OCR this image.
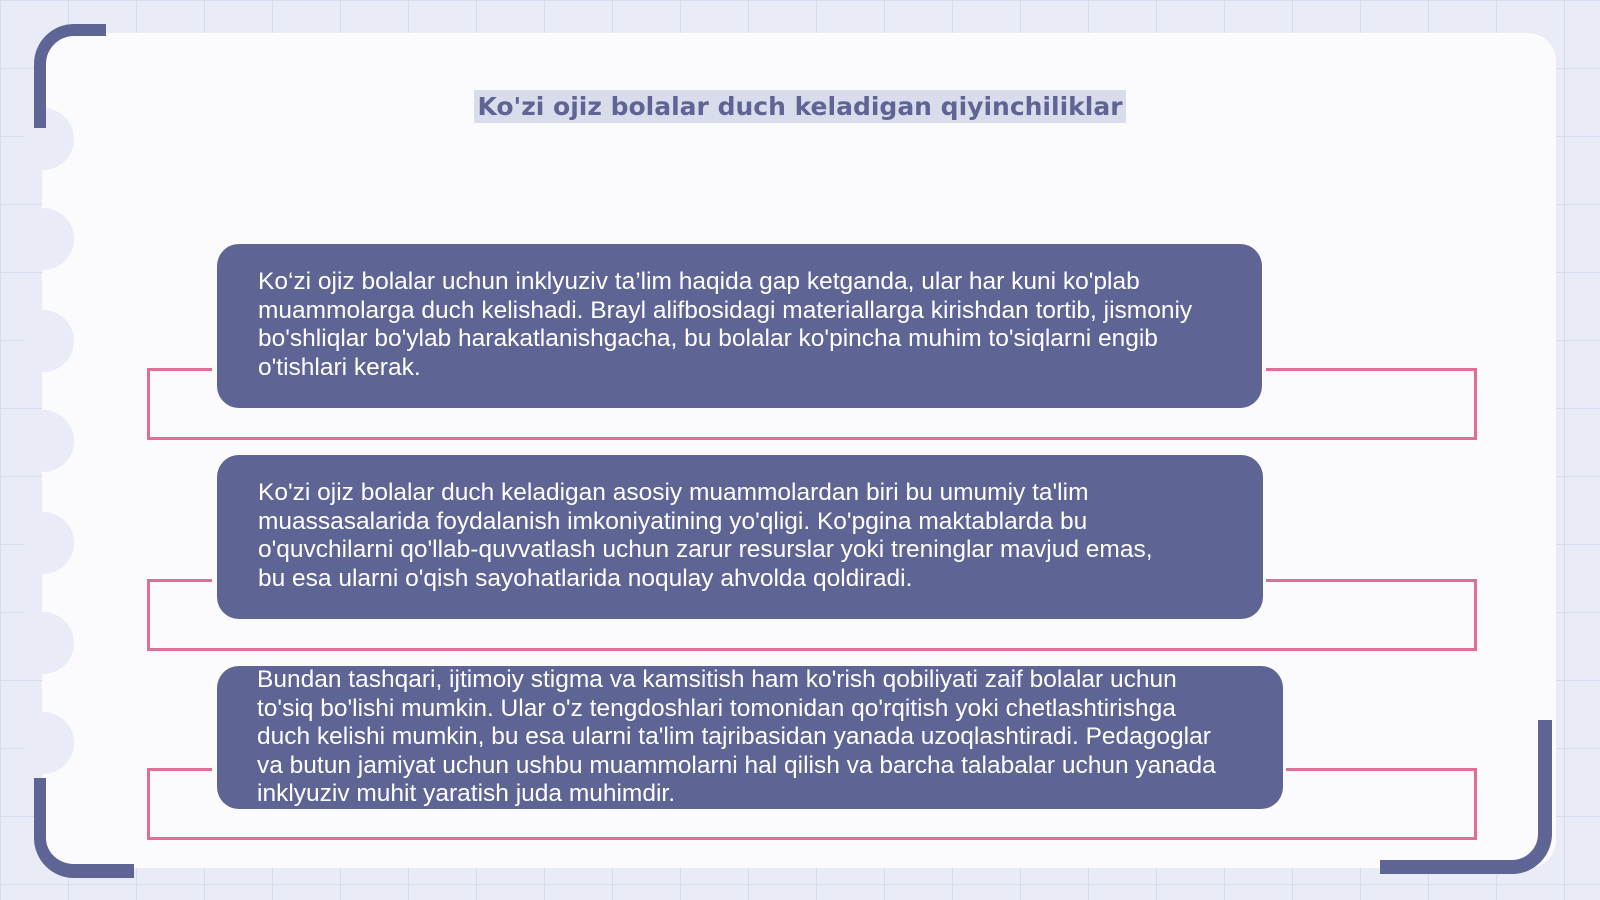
Ko'zi ojiz bolalar duch keladigan qiyinchiliklar

Ko‘zi ojiz bolalar uchun inklyuziv ta’lim haqida gap ketganda, ular har kuni ko'plab muammolarga duch kelishadi. Brayl alifbosidagi materiallarga kirishdan tortib, jismoniy bo'shliqlar bo'ylab harakatlanishgacha, bu bolalar ko'pincha muhim to'siqlarni engib o'tishlari kerak.

Ko'zi ojiz bolalar duch keladigan asosiy muammolardan biri bu umumiy ta'lim muassasalarida foydalanish imkoniyatining yo'qligi. Ko'pgina maktablarda bu o'quvchilarni qo'llab-quvvatlash uchun zarur resurslar yoki treninglar mavjud emas, bu esa ularni o'qish sayohatlarida noqulay ahvolda qoldiradi.

Bundan tashqari, ijtimoiy stigma va kamsitish ham ko'rish qobiliyati zaif bolalar uchun to'siq bo'lishi mumkin. Ular o'z tengdoshlari tomonidan qo'rqitish yoki chetlashtirishga duch kelishi mumkin, bu esa ularni ta'lim tajribasidan yanada uzoqlashtiradi. Pedagoglar va butun jamiyat uchun ushbu muammolarni hal qilish va barcha talabalar uchun yanada inklyuziv muhit yaratish juda muhimdir.
